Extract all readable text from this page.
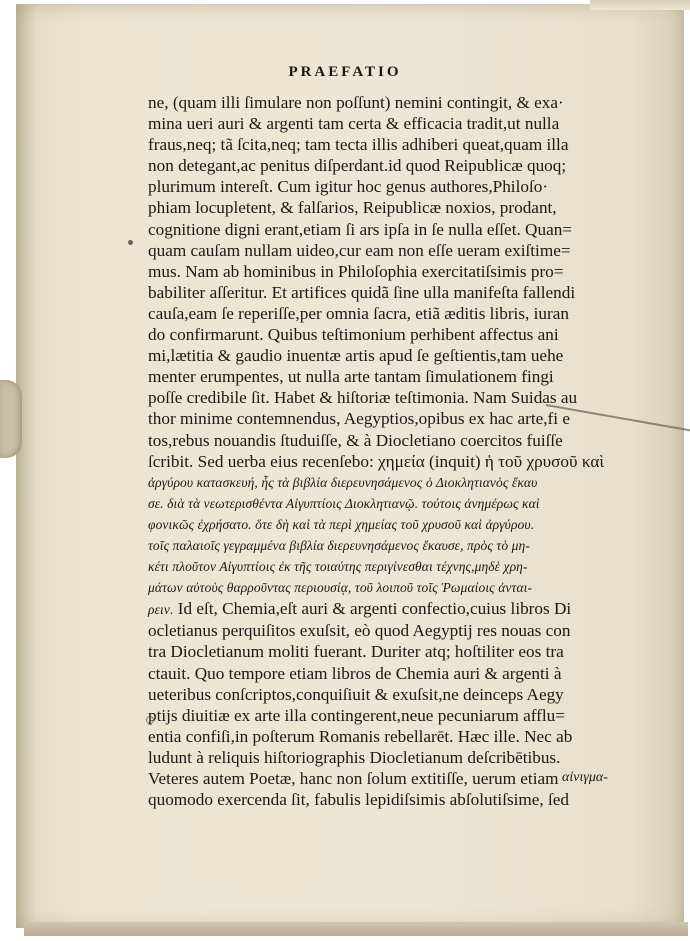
PRAEFATIO
ne, (quam illi ſimulare non poſſunt) nemini contingit, & exa·
mina ueri auri & argenti tam certa & efficacia tradit,ut nulla
fraus,neq; tã ſcita,neq; tam tecta illis adhiberi queat,quam illa
non detegant,ac penitus diſperdant.id quod Reipublicæ quoq;
plurimum intereſt. Cum igitur hoc genus authores,Philoſo·
phiam locupletent, & falſarios, Reipublicæ noxios, prodant,
cognitione digni erant,etiam ſi ars ipſa in ſe nulla eſſet. Quan=
quam cauſam nullam uideo,cur eam non eſſe ueram exiſtime=
mus. Nam ab hominibus in Philoſophia exercitatiſsimis pro=
babiliter aſſeritur. Et artifices quidã ſine ulla manifeſta fallendi
cauſa,eam ſe reperiſſe,per omnia ſacra, etiã æditis libris, iuran
do confirmarunt. Quibus teſtimonium perhibent affectus ani
mi,lætitia & gaudio inuentæ artis apud ſe geſtientis,tam uehe
menter erumpentes, ut nulla arte tantam ſimulationem fingi
poſſe credibile ſit. Habet & hiſtoriæ teſtimonia. Nam Suidas au
thor minime contemnendus, Aegyptios,opibus ex hac arte,fi e
tos,rebus nouandis ſtuduiſſe, & à Diocletiano coercitos fuiſſe
ſcribit. Sed uerba eius recenſebo: χημεία (inquit) ἡ τοῦ χρυσοῦ καὶ
ἀργύρου κατασκευή, ἧς τὰ βιβλία διερευνησάμενος ὁ Διοκλητιανὸς ἔκαυ
σε. διὰ τὰ νεωτερισθέντα Αἰγυπτίοις Διοκλητιανῷ. τούτοις ἀνημέρως καὶ
φονικῶς ἐχρήσατο. ὅτε δὴ καὶ τὰ περὶ χημείας τοῦ χρυσοῦ καὶ ἀργύρου.
τοῖς παλαιοῖς γεγραμμένα βιβλία διερευνησάμενος ἔκαυσε, πρὸς τὸ μη-
κέτι πλοῦτον Αἰγυπτίοις ἐκ τῆς τοιαύτης περιγίνεσθαι τέχνης,μηδὲ χρη-
μάτων αὐτοὺς θαρροῦντας περιουσίᾳ, τοῦ λοιποῦ τοῖς Ῥωμαίοις ἀνται-
ρειν. Id eſt, Chemia,eſt auri & argenti confectio,cuius libros Di
ocletianus perquiſitos exuſsit, eò quod Aegyptij res nouas con
tra Diocletianum moliti fuerant. Duriter atq; hoſtiliter eos tra
ctauit. Quo tempore etiam libros de Chemia auri & argenti à
ueteribus conſcriptos,conquiſiuit & exuſsit,ne deinceps Aegy
ptijs diuitiæ ex arte illa contingerent,neue pecuniarum afflu=
entia confiſi,in poſterum Romanis rebellarēt. Hæc ille. Nec ab
ludunt à reliquis hiſtoriographis Diocletianum deſcribētibus.
Veteres autem Poetæ, hanc non ſolum extitiſſe, uerum etiam
quomodo exercenda ſit, fabulis lepidiſsimis abſolutiſsime, ſed
αἰνιγμα-
